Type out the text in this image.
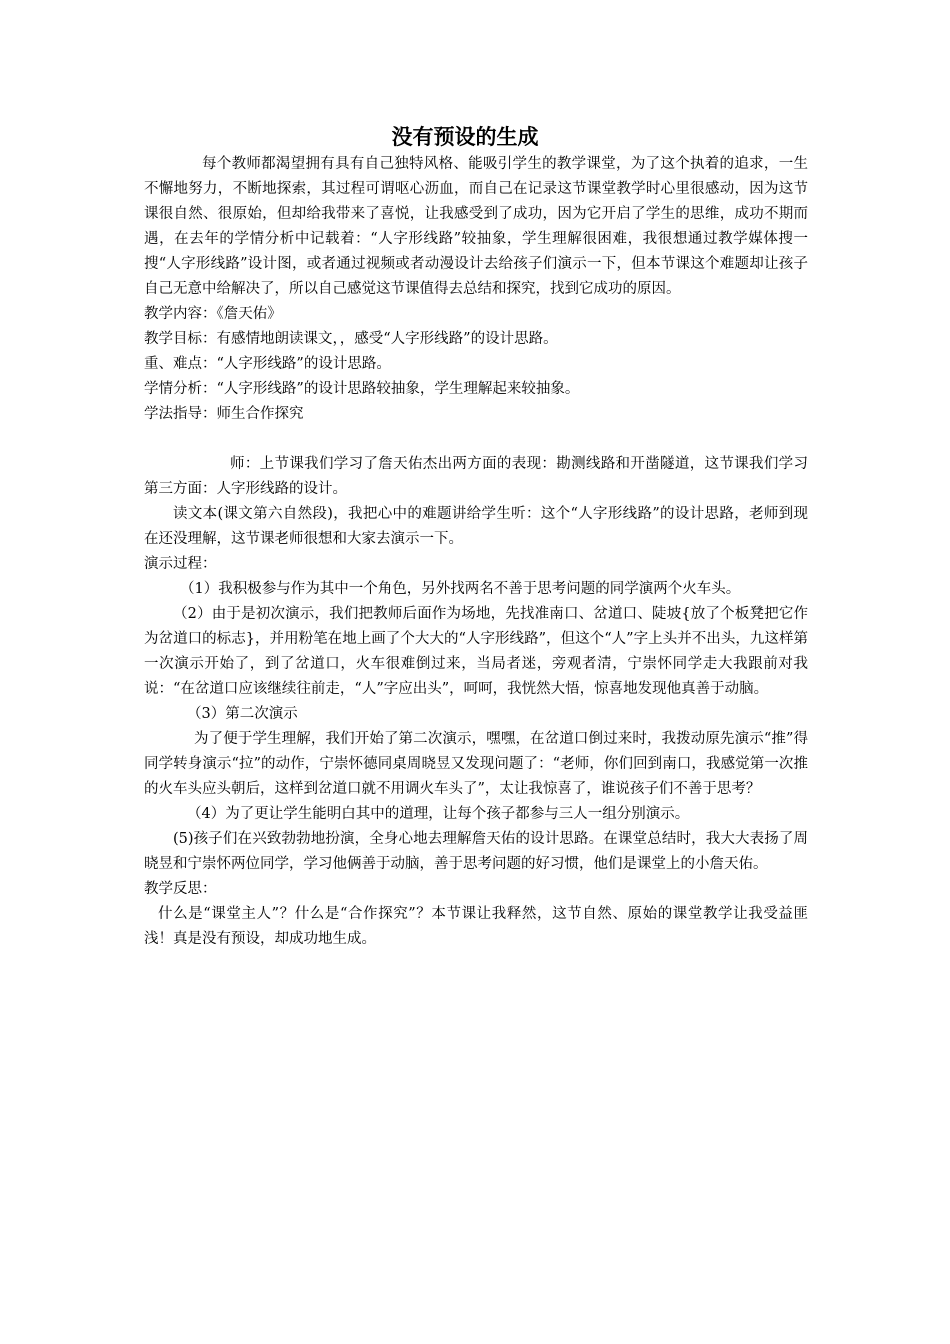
没有预设的生成

每个教师都渴望拥有具有自己独特风格、能吸引学生的教学课堂，为了这个执着的追求，一生不懈地努力，不断地探索，其过程可谓呕心沥血，而自己在记录这节课堂教学时心里很感动，因为这节课很自然、很原始，但却给我带来了喜悦，让我感受到了成功，因为它开启了学生的思维，成功不期而遇，在去年的学情分析中记载着：“人字形线路”较抽象，学生理解很困难，我很想通过教学媒体搜一搜“人字形线路”设计图，或者通过视频或者动漫设计去给孩子们演示一下，但本节课这个难题却让孩子自己无意中给解决了，所以自己感觉这节课值得去总结和探究，找到它成功的原因。

教学内容：《詹天佑》

教学目标：有感情地朗读课文，，感受“人字形线路”的设计思路。

重、难点：“人字形线路”的设计思路。

学情分析：“人字形线路”的设计思路较抽象，学生理解起来较抽象。

学法指导：师生合作探究

师：上节课我们学习了詹天佑杰出两方面的表现：勘测线路和开凿隧道，这节课我们学习第三方面：人字形线路的设计。

读文本(课文第六自然段)，我把心中的难题讲给学生听：这个“人字形线路”的设计思路，老师到现在还没理解，这节课老师很想和大家去演示一下。

演示过程：

（1）我积极参与作为其中一个角色，另外找两名不善于思考问题的同学演两个火车头。

（2）由于是初次演示，我们把教师后面作为场地，先找准南口、岔道口、陡坡{放了个板凳把它作为岔道口的标志}，并用粉笔在地上画了个大大的“人字形线路”，但这个“人”字上头并不出头，九这样第一次演示开始了，到了岔道口，火车很难倒过来，当局者迷，旁观者清，宁崇怀同学走大我跟前对我说：“在岔道口应该继续往前走，“人”字应出头”，呵呵，我恍然大悟，惊喜地发现他真善于动脑。

（3）第二次演示

为了便于学生理解，我们开始了第二次演示，嘿嘿，在岔道口倒过来时，我拨动原先演示“推”得同学转身演示“拉”的动作，宁崇怀德同桌周晓昱又发现问题了：“老师，你们回到南口，我感觉第一次推的火车头应头朝后，这样到岔道口就不用调火车头了”，太让我惊喜了，谁说孩子们不善于思考？

（4）为了更让学生能明白其中的道理，让每个孩子都参与三人一组分别演示。

(5)孩子们在兴致勃勃地扮演，全身心地去理解詹天佑的设计思路。在课堂总结时，我大大表扬了周晓昱和宁崇怀两位同学，学习他俩善于动脑，善于思考问题的好习惯，他们是课堂上的小詹天佑。

教学反思：

什么是“课堂主人”？什么是“合作探究”？本节课让我释然，这节自然、原始的课堂教学让我受益匪浅！真是没有预设，却成功地生成。
